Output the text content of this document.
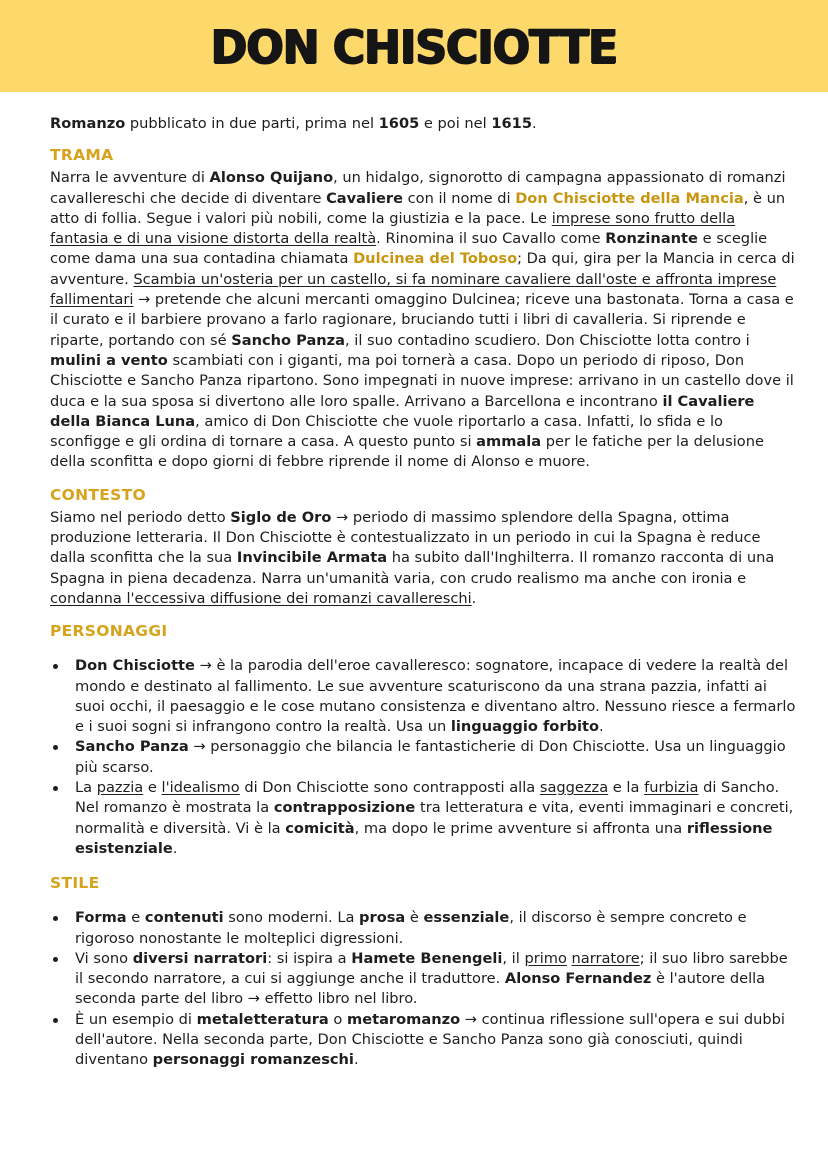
DON CHISCIOTTE

Romanzo pubblicato in due parti, prima nel 1605 e poi nel 1615.

TRAMA

Narra le avventure di Alonso Quijano, un hidalgo, signorotto di campagna appassionato di romanzi cavallereschi che decide di diventare Cavaliere con il nome di Don Chisciotte della Mancia, è un atto di follia. Segue i valori più nobili, come la giustizia e la pace. Le imprese sono frutto della fantasia e di una visione distorta della realtà. Rinomina il suo Cavallo come Ronzinante e sceglie come dama una sua contadina chiamata Dulcinea del Toboso; Da qui, gira per la Mancia in cerca di avventure. Scambia un'osteria per un castello, si fa nominare cavaliere dall'oste e affronta imprese fallimentari → pretende che alcuni mercanti omaggino Dulcinea; riceve una bastonata. Torna a casa e il curato e il barbiere provano a farlo ragionare, bruciando tutti i libri di cavalleria. Si riprende e riparte, portando con sé Sancho Panza, il suo contadino scudiero. Don Chisciotte lotta contro i mulini a vento scambiati con i giganti, ma poi tornerà a casa. Dopo un periodo di riposo, Don Chisciotte e Sancho Panza ripartono. Sono impegnati in nuove imprese: arrivano in un castello dove il duca e la sua sposa si divertono alle loro spalle. Arrivano a Barcellona e incontrano il Cavaliere della Bianca Luna, amico di Don Chisciotte che vuole riportarlo a casa. Infatti, lo sfida e lo sconfigge e gli ordina di tornare a casa. A questo punto si ammala per le fatiche per la delusione della sconfitta e dopo giorni di febbre riprende il nome di Alonso e muore.

CONTESTO

Siamo nel periodo detto Siglo de Oro → periodo di massimo splendore della Spagna, ottima produzione letteraria. Il Don Chisciotte è contestualizzato in un periodo in cui la Spagna è reduce dalla sconfitta che la sua Invincibile Armata ha subito dall'Inghilterra. Il romanzo racconta di una Spagna in piena decadenza. Narra un'umanità varia, con crudo realismo ma anche con ironia e condanna l'eccessiva diffusione dei romanzi cavallereschi.

PERSONAGGI
Don Chisciotte → è la parodia dell'eroe cavalleresco: sognatore, incapace di vedere la realtà del mondo e destinato al fallimento. Le sue avventure scaturiscono da una strana pazzia, infatti ai suoi occhi, il paesaggio e le cose mutano consistenza e diventano altro. Nessuno riesce a fermarlo e i suoi sogni si infrangono contro la realtà. Usa un linguaggio forbito.
Sancho Panza → personaggio che bilancia le fantasticherie di Don Chisciotte. Usa un linguaggio più scarso.
La pazzia e l'idealismo di Don Chisciotte sono contrapposti alla saggezza e la furbizia di Sancho. Nel romanzo è mostrata la contrapposizione tra letteratura e vita, eventi immaginari e concreti, normalità e diversità. Vi è la comicità, ma dopo le prime avventure si affronta una riflessione esistenziale.
STILE
Forma e contenuti sono moderni. La prosa è essenziale, il discorso è sempre concreto e rigoroso nonostante le molteplici digressioni.
Vi sono diversi narratori: si ispira a Hamete Benengeli, il primo narratore; il suo libro sarebbe il secondo narratore, a cui si aggiunge anche il traduttore. Alonso Fernandez è l'autore della seconda parte del libro → effetto libro nel libro.
È un esempio di metaletteratura o metaromanzo → continua riflessione sull'opera e sui dubbi dell'autore. Nella seconda parte, Don Chisciotte e Sancho Panza sono già conosciuti, quindi diventano personaggi romanzeschi.
